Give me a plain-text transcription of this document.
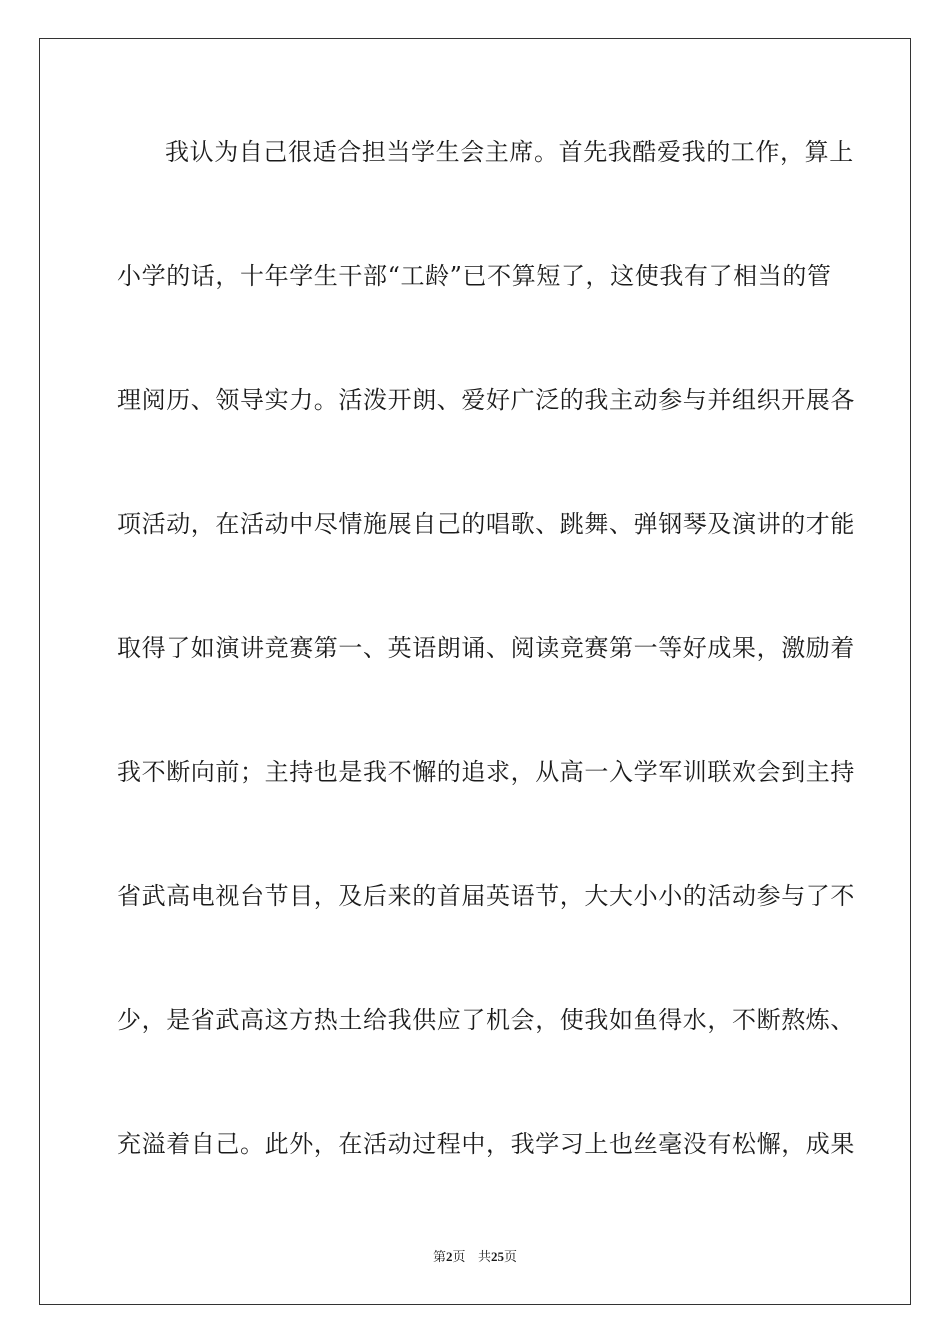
我认为自己很适合担当学生会主席。首先我酷爱我的工作，算上
小学的话，十年学生干部“工龄”已不算短了，这使我有了相当的管
理阅历、领导实力。活泼开朗、爱好广泛的我主动参与并组织开展各
项活动，在活动中尽情施展自己的唱歌、跳舞、弹钢琴及演讲的才能
取得了如演讲竞赛第一、英语朗诵、阅读竞赛第一等好成果，激励着
我不断向前；主持也是我不懈的追求，从高一入学军训联欢会到主持
省武高电视台节目，及后来的首届英语节，大大小小的活动参与了不
少，是省武高这方热土给我供应了机会，使我如鱼得水，不断熬炼、
充溢着自己。此外，在活动过程中，我学习上也丝毫没有松懈，成果
第2页 共25页
